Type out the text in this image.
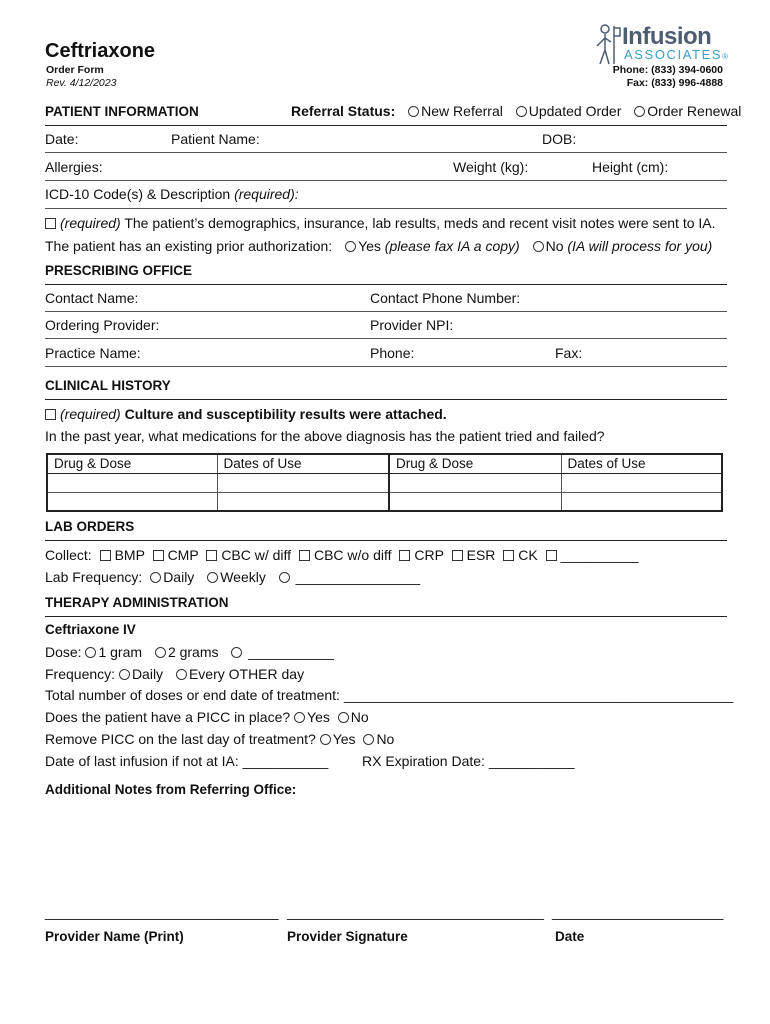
Ceftriaxone
Order Form
Rev. 4/12/2023
Infusion
ASSOCIATES®
Phone: (833) 394-0600
Fax: (833) 996-4888
PATIENT INFORMATION	Referral Status: New Referral Updated Order Order Renewal
Date:	Patient Name:	DOB:
Allergies:	Weight (kg):	Height (cm):
ICD-10 Code(s) & Description (required):
(required) The patient’s demographics, insurance, lab results, meds and recent visit notes were sent to IA.
The patient has an existing prior authorization: Yes (please fax IA a copy) No (IA will process for you)
PRESCRIBING OFFICE
Contact Name:	Contact Phone Number:
Ordering Provider:	Provider NPI:
Practice Name:	Phone:	Fax:
CLINICAL HISTORY
(required) Culture and susceptibility results were attached.
In the past year, what medications for the above diagnosis has the patient tried and failed?
Drug & Dose	Dates of Use	Drug & Dose	Dates of Use

LAB ORDERS
Collect: BMP CMP CBC w/ diff CBC w/o diff CRP ESR CK __________
Lab Frequency: Daily Weekly ________________
THERAPY ADMINISTRATION
Ceftriaxone IV
Dose: 1 gram 2 grams ___________
Frequency: Daily Every OTHER day
Total number of doses or end date of treatment: __________________________________________________
Does the patient have a PICC in place? Yes No
Remove PICC on the last day of treatment? Yes No
Date of last infusion if not at IA: ___________ RX Expiration Date: ___________
Additional Notes from Referring Office:
______________________________ _________________________________ ______________________
Provider Name (Print)	Provider Signature	Date
